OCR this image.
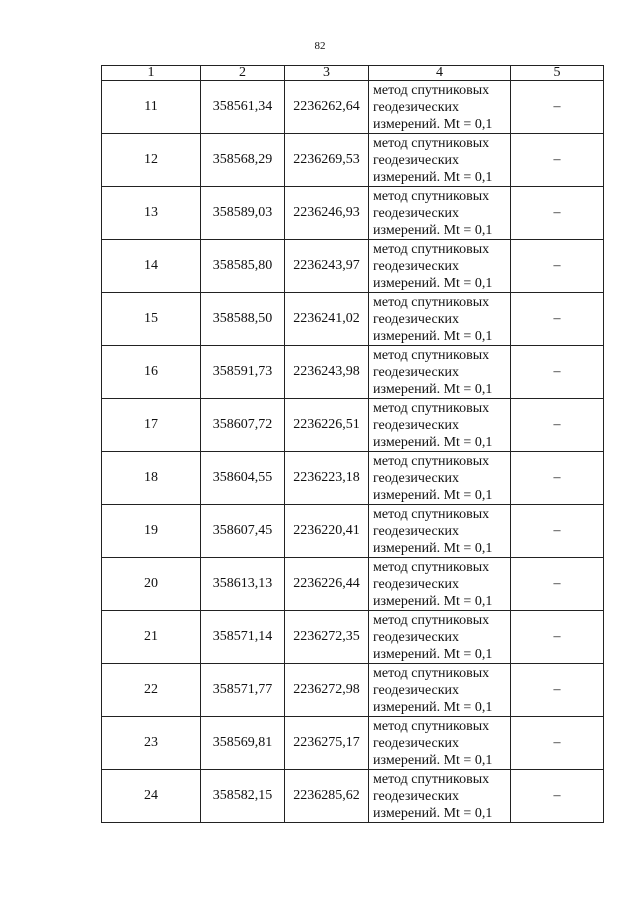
82
1	2	3	4	5
11	358561,34	2236262,64	метод спутниковых
геодезических
измерений. Mt = 0,1	–
12	358568,29	2236269,53	метод спутниковых
геодезических
измерений. Mt = 0,1	–
13	358589,03	2236246,93	метод спутниковых
геодезических
измерений. Mt = 0,1	–
14	358585,80	2236243,97	метод спутниковых
геодезических
измерений. Mt = 0,1	–
15	358588,50	2236241,02	метод спутниковых
геодезических
измерений. Mt = 0,1	–
16	358591,73	2236243,98	метод спутниковых
геодезических
измерений. Mt = 0,1	–
17	358607,72	2236226,51	метод спутниковых
геодезических
измерений. Mt = 0,1	–
18	358604,55	2236223,18	метод спутниковых
геодезических
измерений. Mt = 0,1	–
19	358607,45	2236220,41	метод спутниковых
геодезических
измерений. Mt = 0,1	–
20	358613,13	2236226,44	метод спутниковых
геодезических
измерений. Mt = 0,1	–
21	358571,14	2236272,35	метод спутниковых
геодезических
измерений. Mt = 0,1	–
22	358571,77	2236272,98	метод спутниковых
геодезических
измерений. Mt = 0,1	–
23	358569,81	2236275,17	метод спутниковых
геодезических
измерений. Mt = 0,1	–
24	358582,15	2236285,62	метод спутниковых
геодезических
измерений. Mt = 0,1	–
